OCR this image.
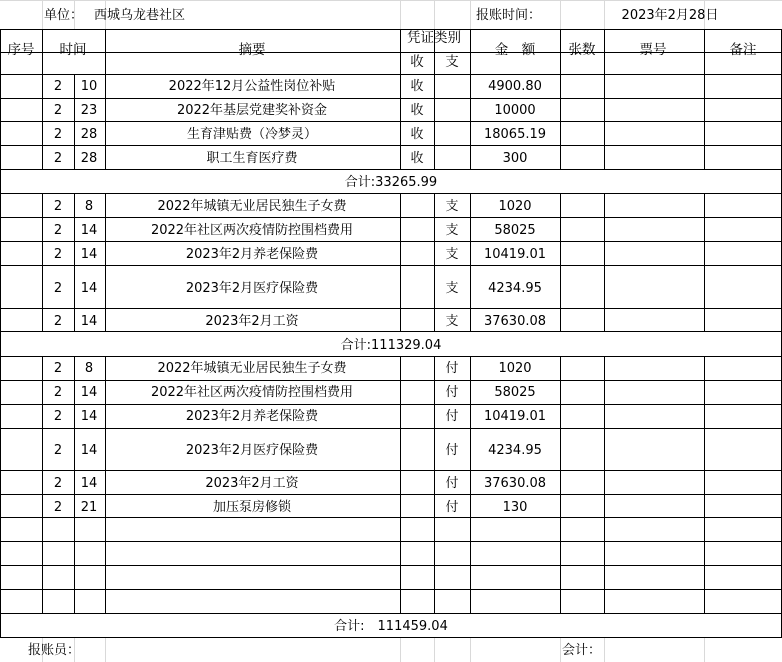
单位： 西城乌龙巷社区	报账时间：	2023年2月28日
序号 时间	摘要
凭证类别
收 支
金　额 张数	票号	备注
2 10	2022年12月公益性岗位补贴	收	4900.80
2 23	2022年基层党建奖补资金	收	10000
2 28	生育津贴费（冷梦灵）	收	18065.19
2 28	职工生育医疗费	收	300
合计:33265.99
2 8	2022年城镇无业居民独生子女费	支	1020
2 14	2022年社区两次疫情防控围档费用	支	58025
2 14	2023年2月养老保险费	支 10419.01
2 14	2023年2月医疗保险费	支 4234.95
2 14	2023年2月工资	支 37630.08
合计:111329.04
2 8	2022年城镇无业居民独生子女费	付	1020
2 14	2022年社区两次疫情防控围档费用	付	58025
2 14	2023年2月养老保险费	付 10419.01
2 14	2023年2月医疗保险费	付 4234.95
2 14	2023年2月工资	付 37630.08
2 21	加压泵房修锁	付	130
合计:　111459.04
报账员：	会计：
